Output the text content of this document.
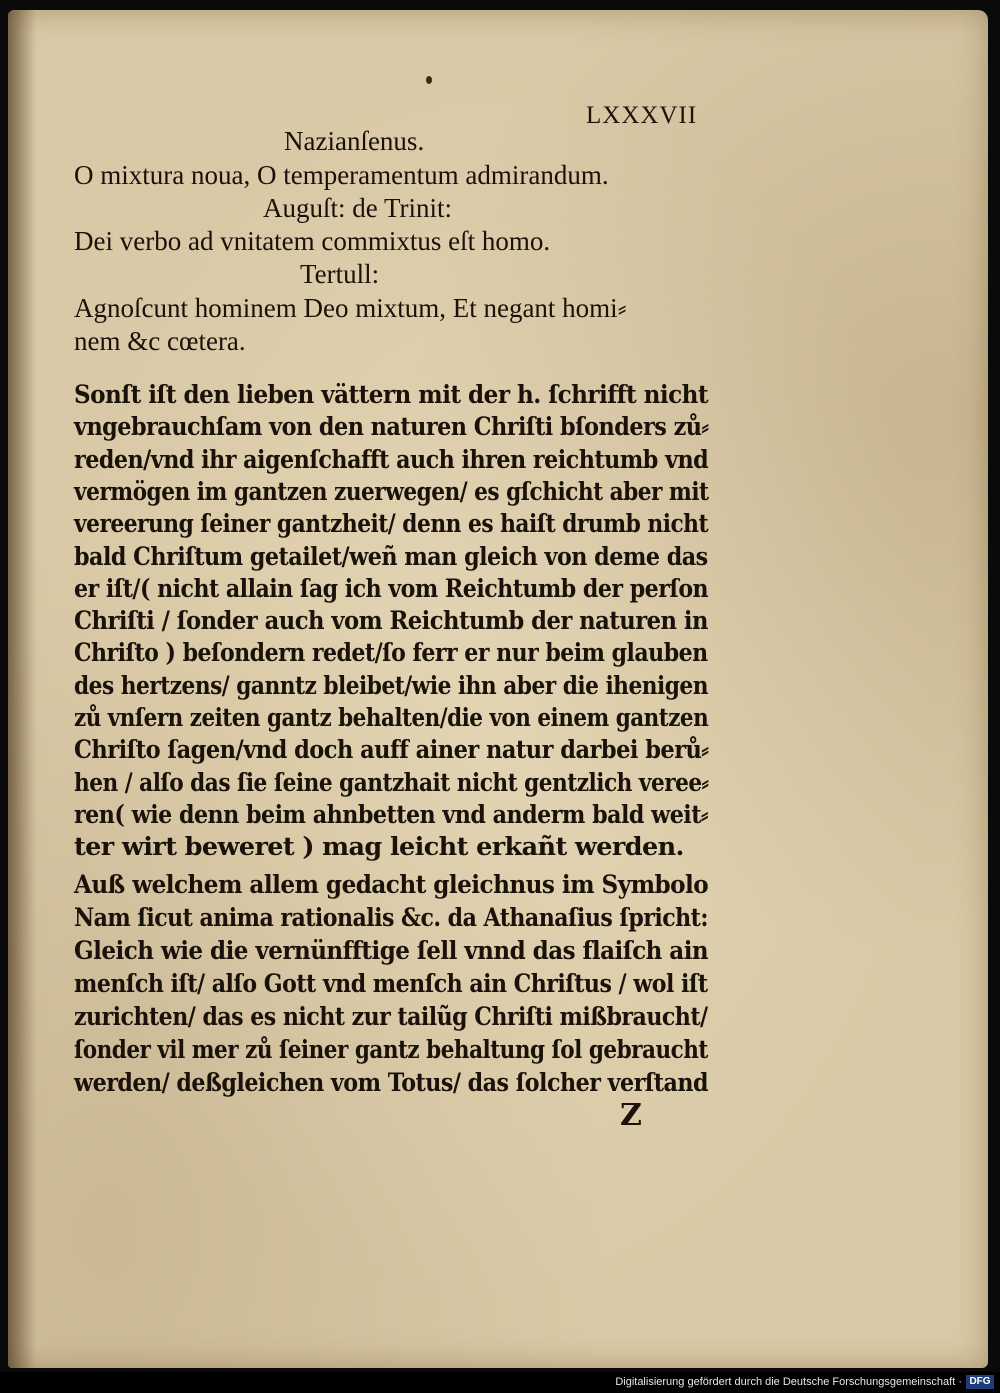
LXXXVII
Nazianſenus.
O mixtura noua, O temperamentum admirandum.
Auguſt: de Trinit:
Dei verbo ad vnitatem commixtus eſt homo.
Tertull:
Agnoſcunt hominem Deo mixtum, Et negant homi⸗
nem &c cœtera.
Sonſt iſt den lieben vättern mit der h. ſchrifft nicht
vngebrauchſam von den naturen Chriſti bſonders zů⸗
reden/vnd ihr aigenſchafft auch ihren reichtumb vnd
vermögen im gantzen zuerwegen/ es gſchicht aber mit
vereerung ſeiner gantzheit/ denn es haiſt drumb nicht
bald Chriſtum getailet/weñ man gleich von deme das
er iſt/( nicht allain ſag ich vom Reichtumb der perſon
Chriſti / ſonder auch vom Reichtumb der naturen in
Chriſto ) beſondern redet/ſo ferr er nur beim glauben
des hertzens/ ganntz bleibet/wie ihn aber die ihenigen
zů vnſern zeiten gantz behalten/die von einem gantzen
Chriſto ſagen/vnd doch auff ainer natur darbei berů⸗
hen / alſo das ſie ſeine gantzhait nicht gentzlich veree⸗
ren( wie denn beim ahnbetten vnd anderm bald weit⸗
ter wirt beweret ) mag leicht erkañt werden.
Auß welchem allem gedacht gleichnus im Symbolo
Nam ſicut anima rationalis &c. da Athanaſius ſpricht:
Gleich wie die vernünfftige ſell vnnd das flaiſch ain
menſch iſt/ alſo Gott vnd menſch ain Chriſtus / wol iſt
zurichten/ das es nicht zur tailũg Chriſti mißbraucht/
ſonder vil mer zů ſeiner gantz behaltung ſol gebraucht
werden/ deßgleichen vom Totus/ das ſolcher verſtand
Z
Digitalisierung gefördert durch die Deutsche Forschungsgemeinschaft · DFG
